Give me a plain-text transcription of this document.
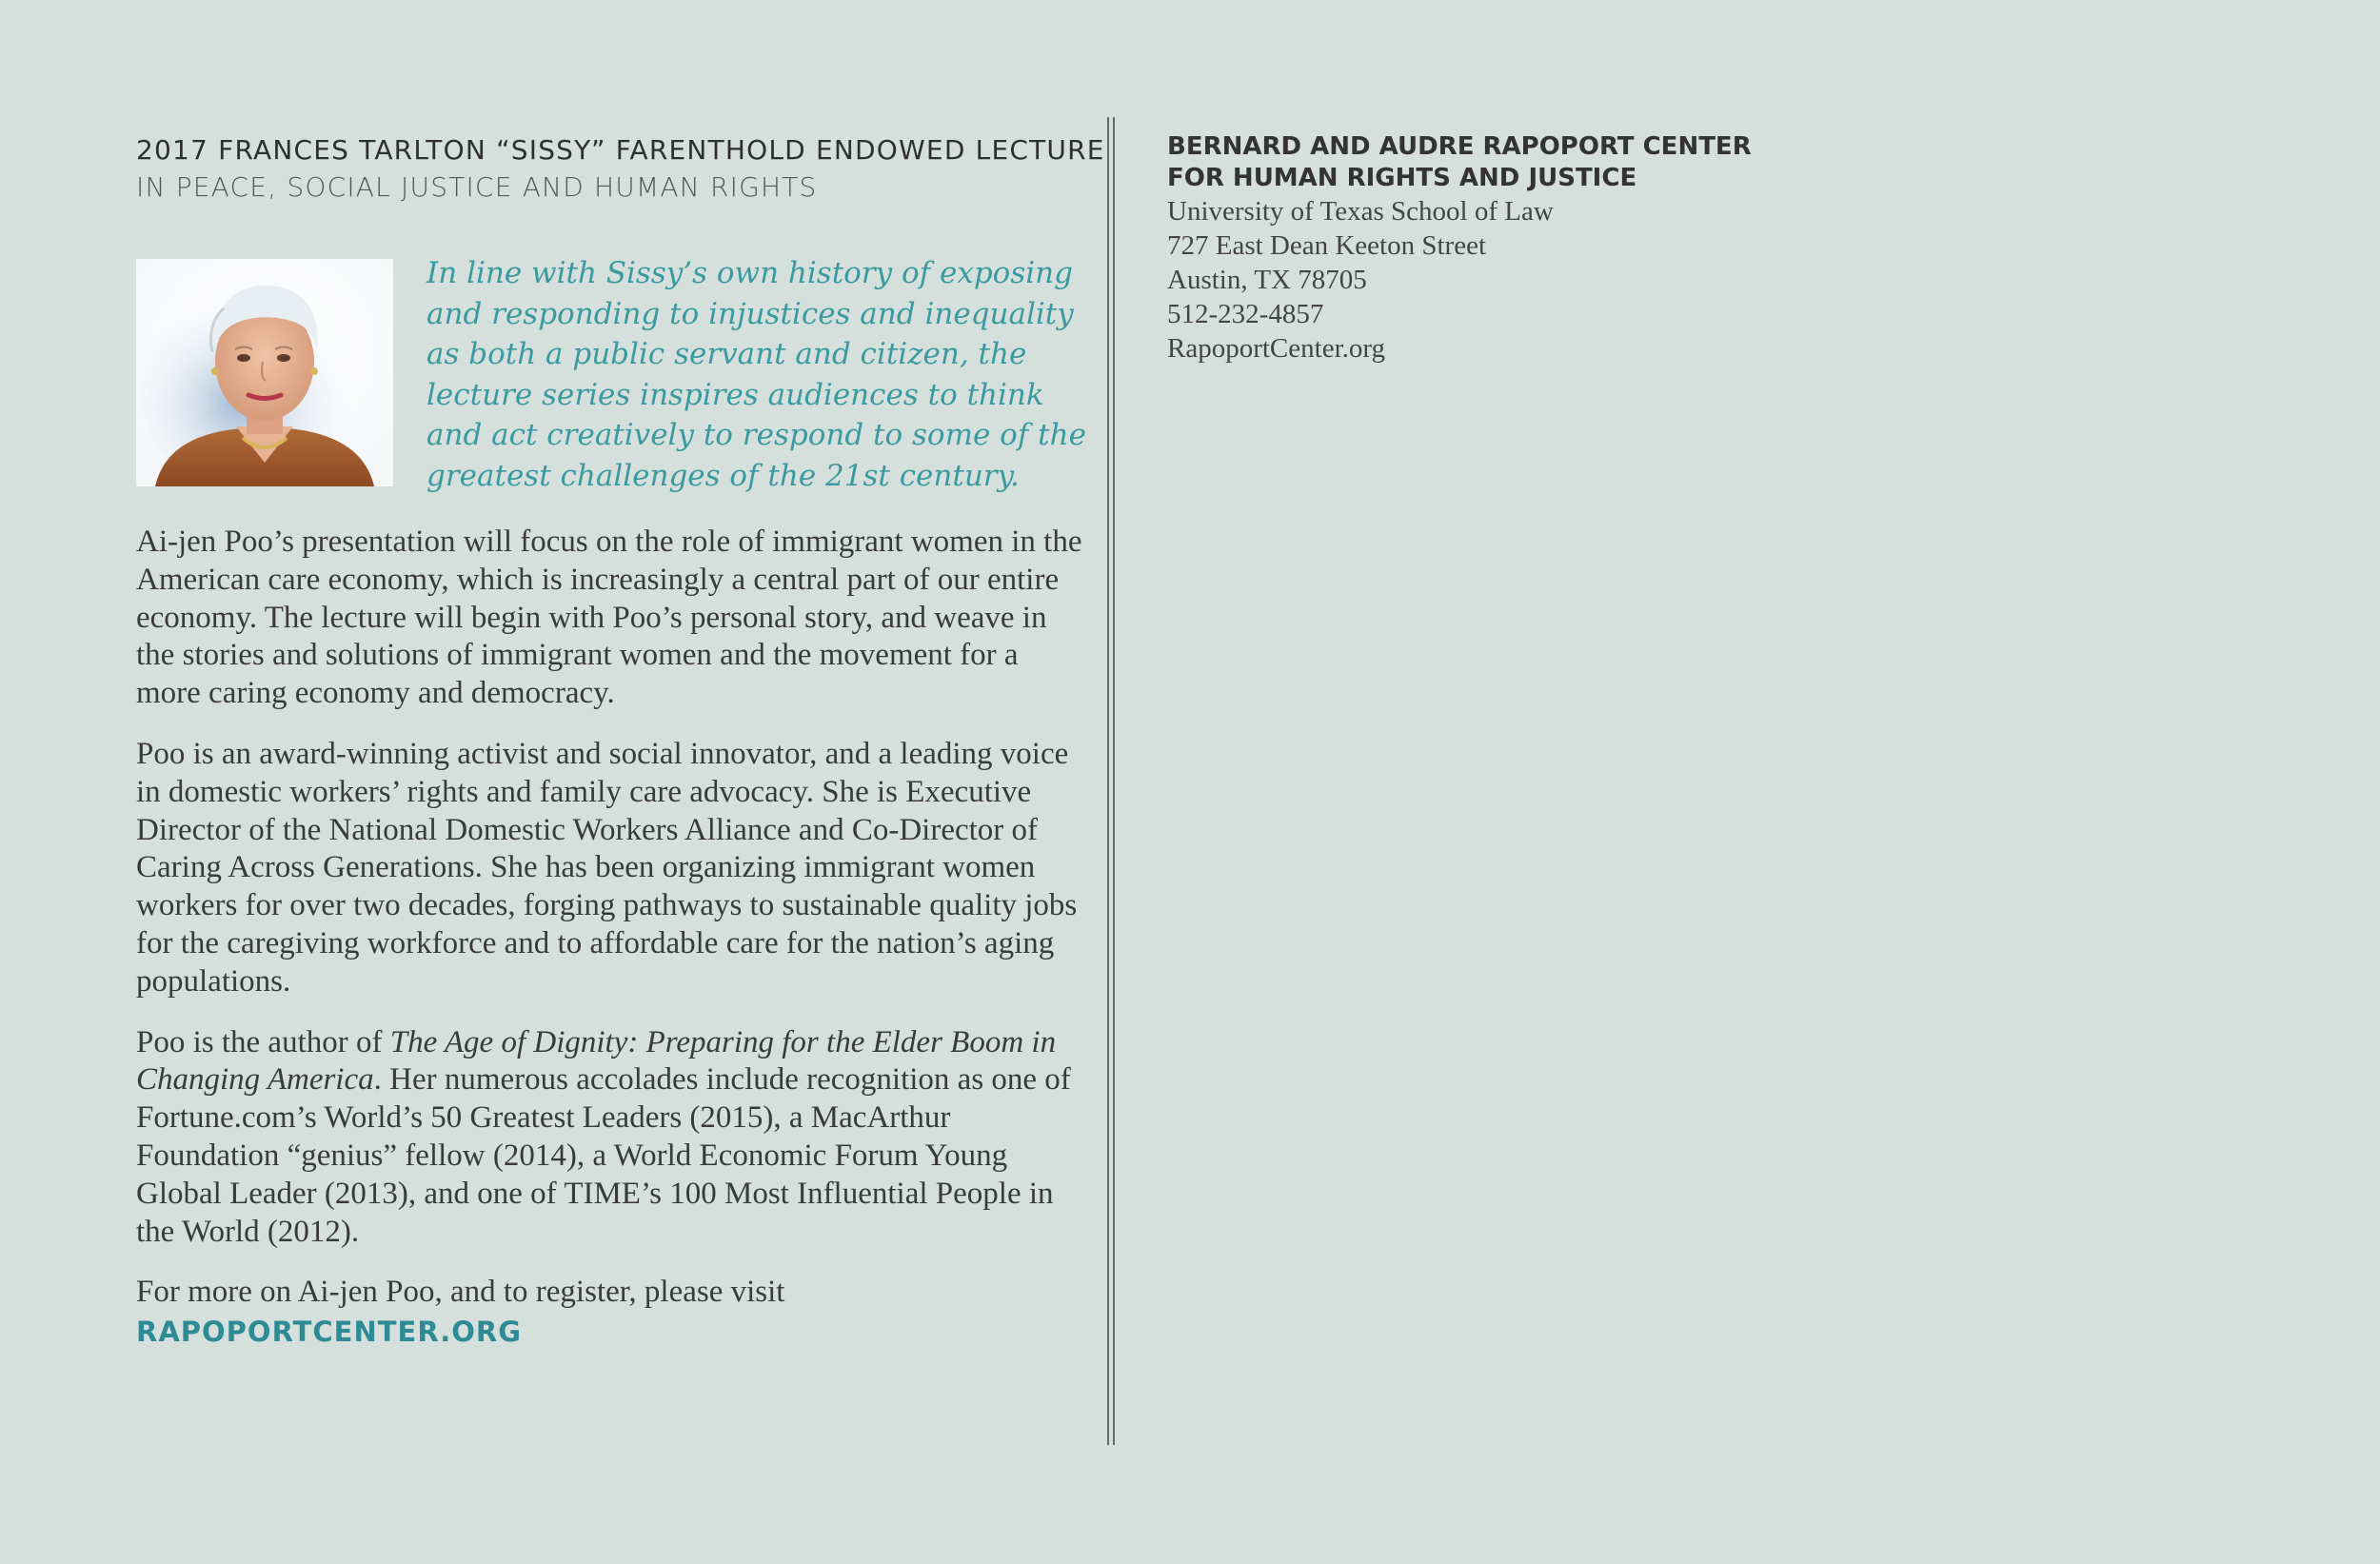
2017 FRANCES TARLTON “SISSY” FARENTHOLD ENDOWED LECTURE
IN PEACE, SOCIAL JUSTICE AND HUMAN RIGHTS
In line with Sissy’s own history of exposing and responding to injustices and inequality as both a public servant and citizen, the lecture series inspires audiences to think and act creatively to respond to some of the greatest challenges of the 21st century.

Ai-jen Poo’s presentation will focus on the role of immigrant women in the American care economy, which is increasingly a central part of our entire economy. The lecture will begin with Poo’s personal story, and weave in the stories and solutions of immigrant women and the movement for a more caring economy and democracy.

Poo is an award-winning activist and social innovator, and a leading voice in domestic workers’ rights and family care advocacy. She is Executive Director of the National Domestic Workers Alliance and Co-Director of Caring Across Generations. She has been organizing immigrant women workers for over two decades, forging pathways to sustainable quality jobs for the caregiving workforce and to affordable care for the nation’s aging populations.

Poo is the author of The Age of Dignity: Preparing for the Elder Boom in Changing America. Her numerous accolades include recognition as one of Fortune.com’s World’s 50 Greatest Leaders (2015), a MacArthur Foundation “genius” fellow (2014), a World Economic Forum Young Global Leader (2013), and one of TIME’s 100 Most Influential People in the World (2012).

For more on Ai-jen Poo, and to register, please visit
RAPOPORTCENTER.ORG

BERNARD AND AUDRE RAPOPORT CENTER
FOR HUMAN RIGHTS AND JUSTICE
University of Texas School of Law
727 East Dean Keeton Street
Austin, TX 78705
512-232-4857
RapoportCenter.org
